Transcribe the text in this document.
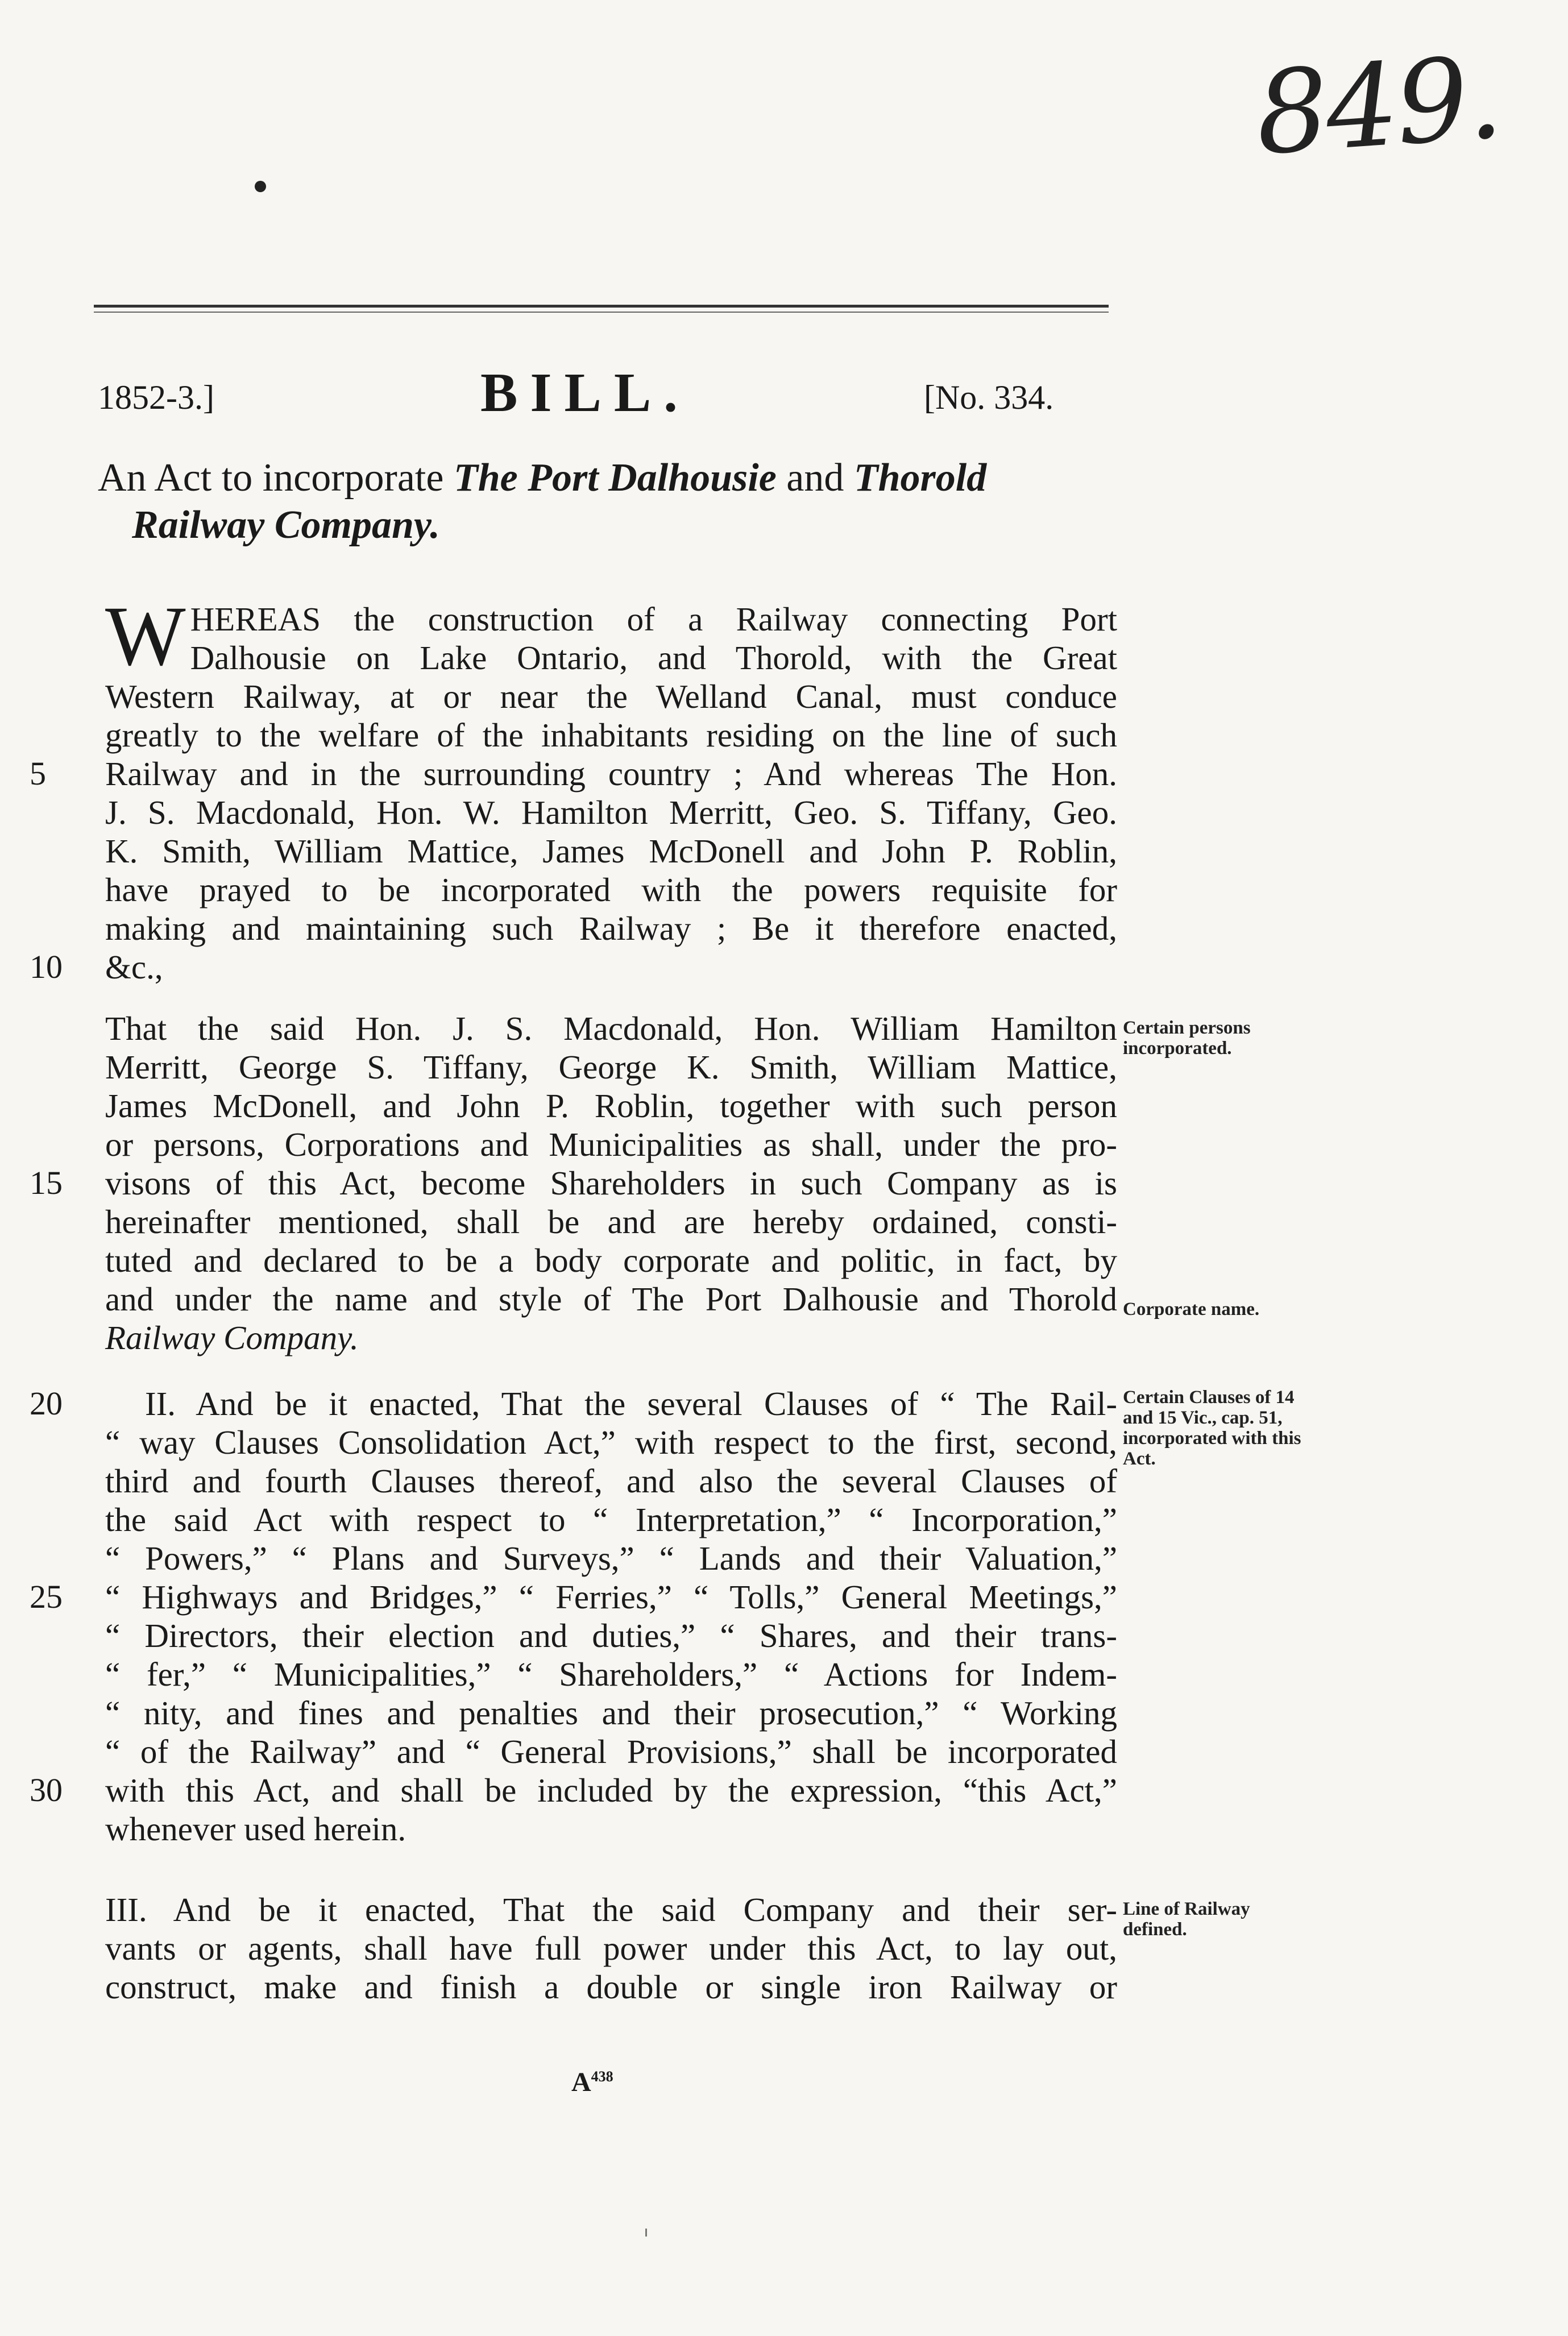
849.
1852-3.]	BILL.	[No. 334.
An Act to incorporate The Port Dalhousie and Thorold
Railway Company.
W HEREAS the construction of a Railway connecting Port
Dalhousie on Lake Ontario, and Thorold, with the Great
Western Railway, at or near the Welland Canal, must conduce
greatly to the welfare of the inhabitants residing on the line of such
Railway and in the surrounding country ; And whereas The Hon.
J. S. Macdonald, Hon. W. Hamilton Merritt, Geo. S. Tiffany, Geo.
K. Smith, William Mattice, James McDonell and John P. Roblin,
have prayed to be incorporated with the powers requisite for
making and maintaining such Railway ; Be it therefore enacted,
&c.,
That the said Hon. J. S. Macdonald, Hon. William Hamilton
Merritt, George S. Tiffany, George K. Smith, William Mattice,
James McDonell, and John P. Roblin, together with such person
or persons, Corporations and Municipalities as shall, under the pro-
visons of this Act, become Shareholders in such Company as is
hereinafter mentioned, shall be and are hereby ordained, consti-
tuted and declared to be a body corporate and politic, in fact, by
and under the name and style of The Port Dalhousie and Thorold
Railway Company.
Certain persons incorporated.
Corporate name.
II. And be it enacted, That the several Clauses of “ The Rail-
“ way Clauses Consolidation Act,” with respect to the first, second,
third and fourth Clauses thereof, and also the several Clauses of
the said Act with respect to “ Interpretation,” “ Incorporation,”
“ Powers,” “ Plans and Surveys,” “ Lands and their Valuation,”
“ Highways and Bridges,” “ Ferries,” “ Tolls,” General Meetings,”
“ Directors, their election and duties,” “ Shares, and their trans-
“ fer,” “ Municipalities,” “ Shareholders,” “ Actions for Indem-
“ nity, and fines and penalties and their prosecution,” “ Working
“ of the Railway” and “ General Provisions,” shall be incorporated
with this Act, and shall be included by the expression, “this Act,”
whenever used herein.
Certain Clauses of 14 and 15 Vic., cap. 51, incorporated with this Act.
III. And be it enacted, That the said Company and their ser-
vants or agents, shall have full power under this Act, to lay out,
construct, make and finish a double or single iron Railway or
Line of Railway defined.
5
10
15
20
25
30
$A^{438}$
